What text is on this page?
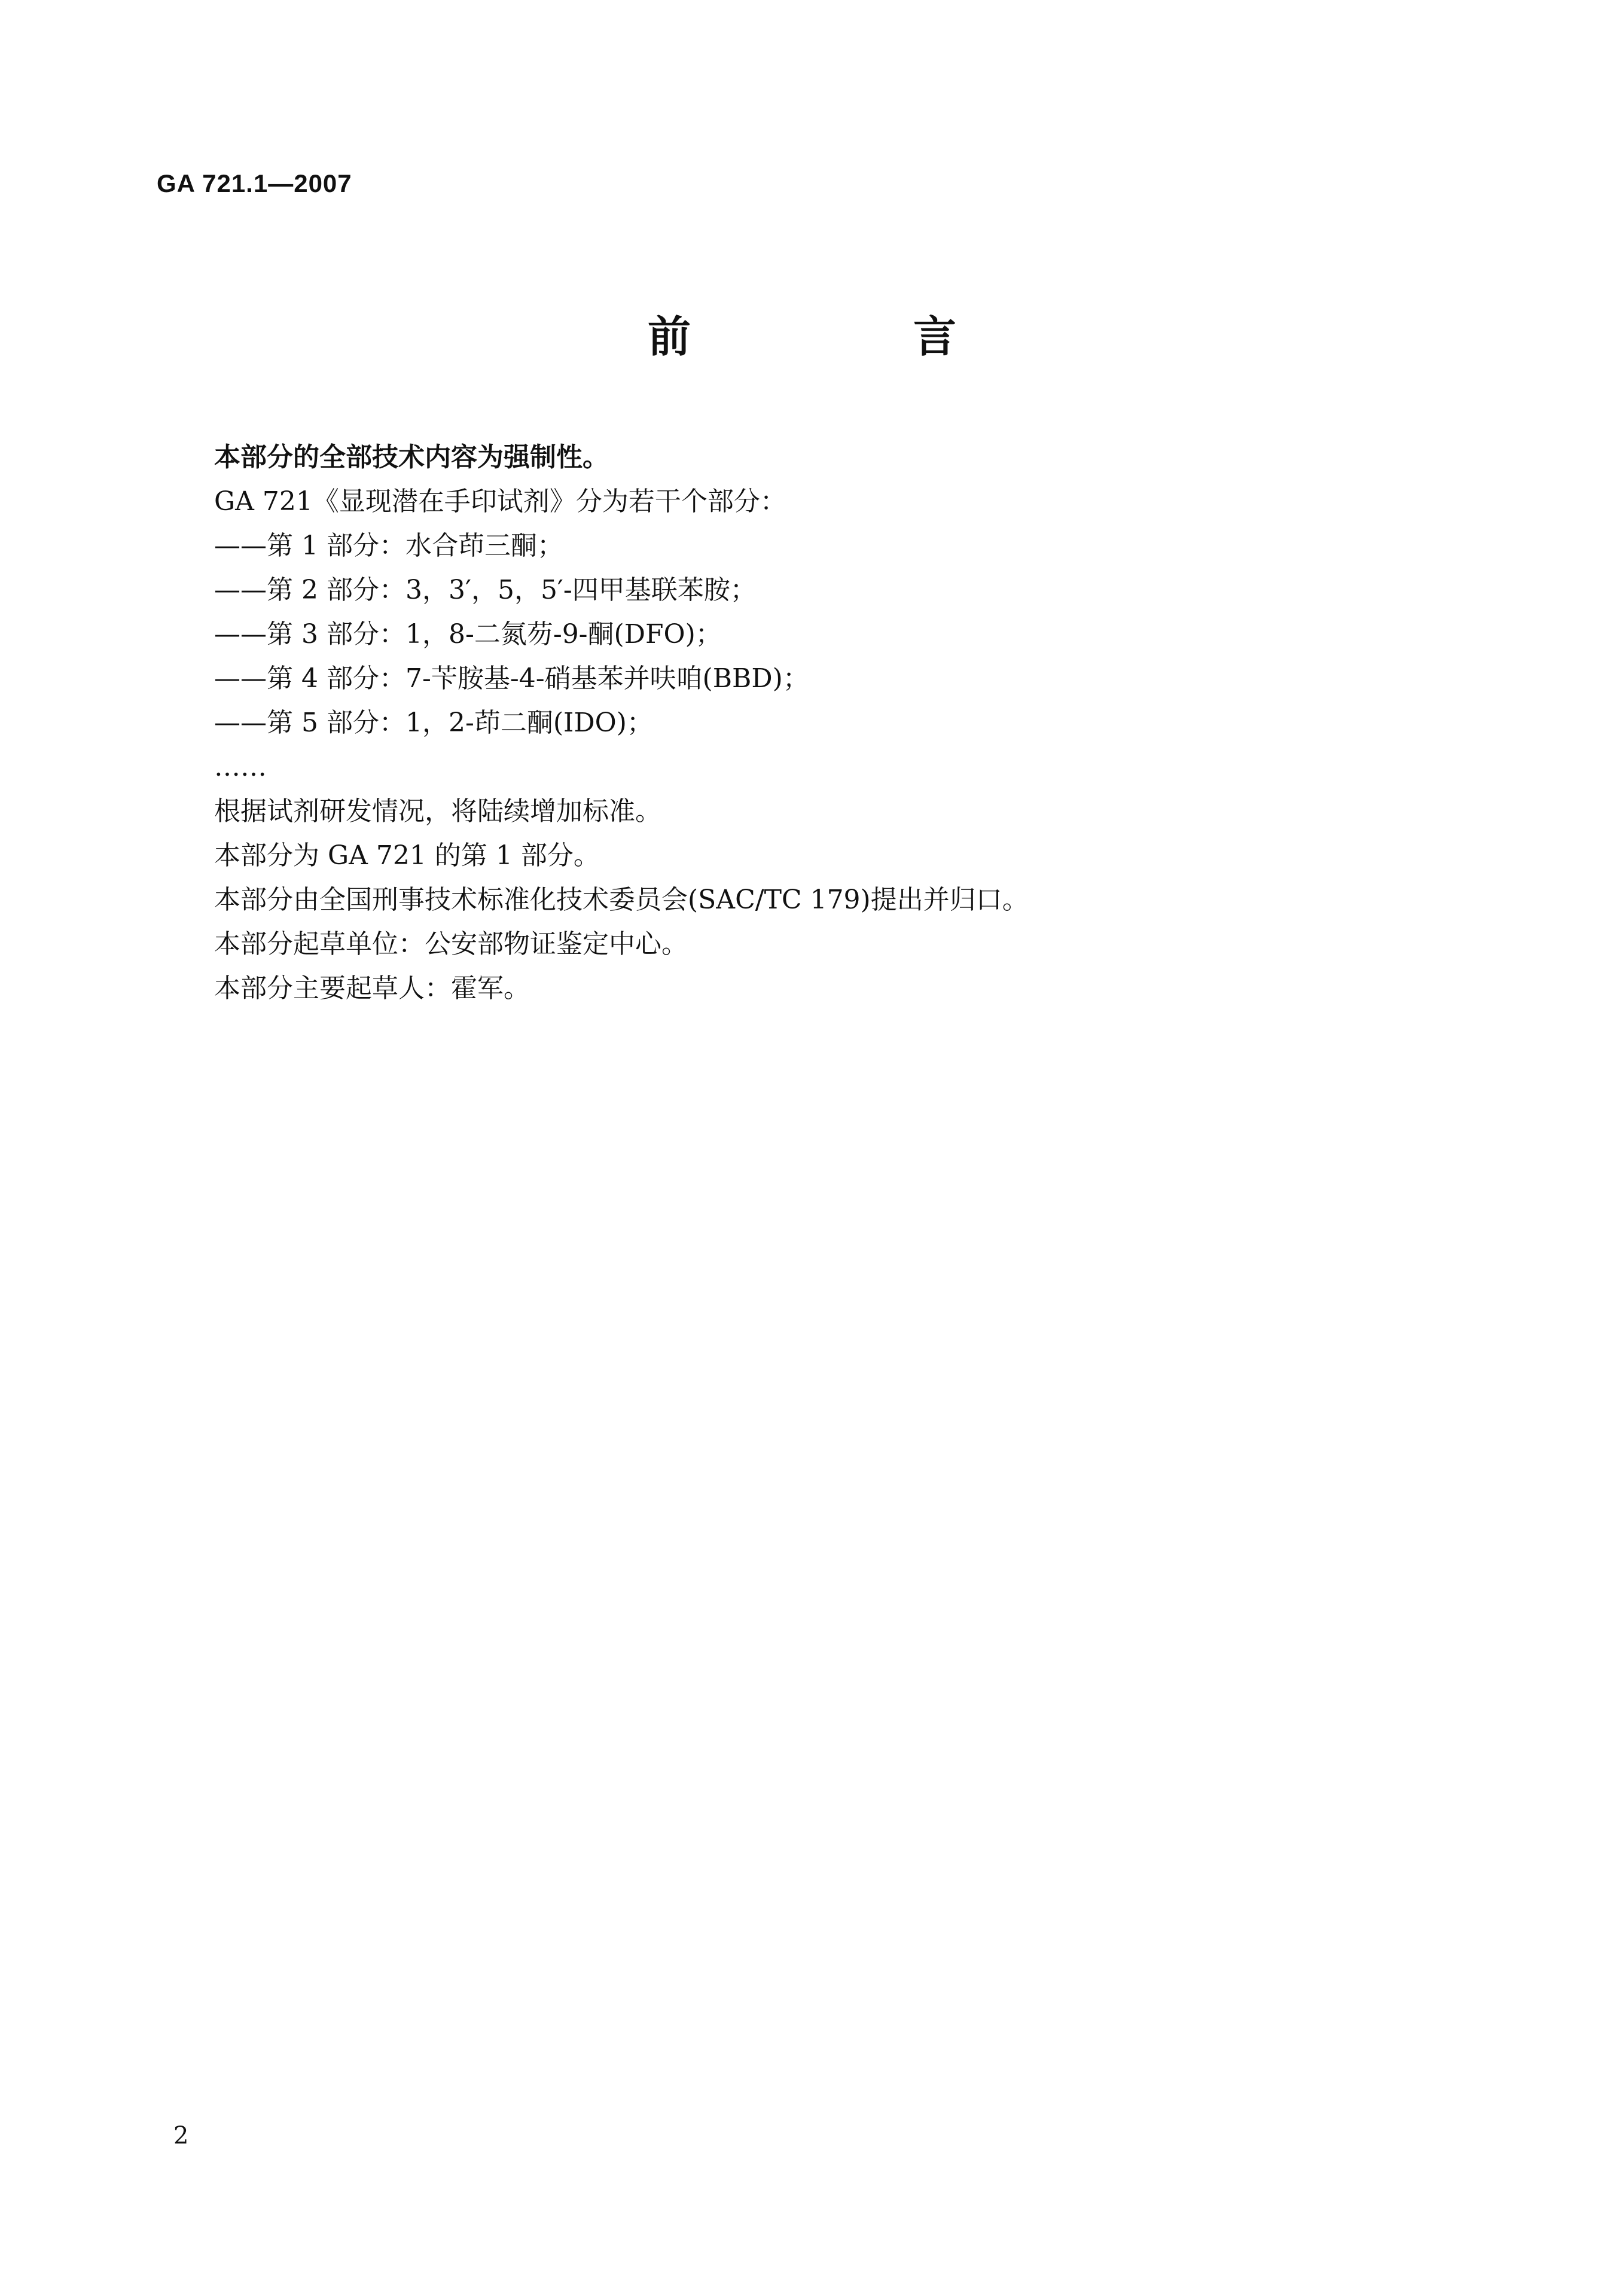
GA 721.1—2007
前　言
本部分的全部技术内容为强制性。
GA 721《显现潜在手印试剂》分为若干个部分：
——第 1 部分：水合茚三酮；
——第 2 部分：3，3′，5，5′-四甲基联苯胺；
——第 3 部分：1，8-二氮芴-9-酮(DFO)；
——第 4 部分：7-苄胺基-4-硝基苯并呋咱(BBD)；
——第 5 部分：1，2-茚二酮(IDO)；
……
根据试剂研发情况，将陆续增加标准。
本部分为 GA 721 的第 1 部分。
本部分由全国刑事技术标准化技术委员会(SAC/TC 179)提出并归口。
本部分起草单位：公安部物证鉴定中心。
本部分主要起草人：霍军。
2
